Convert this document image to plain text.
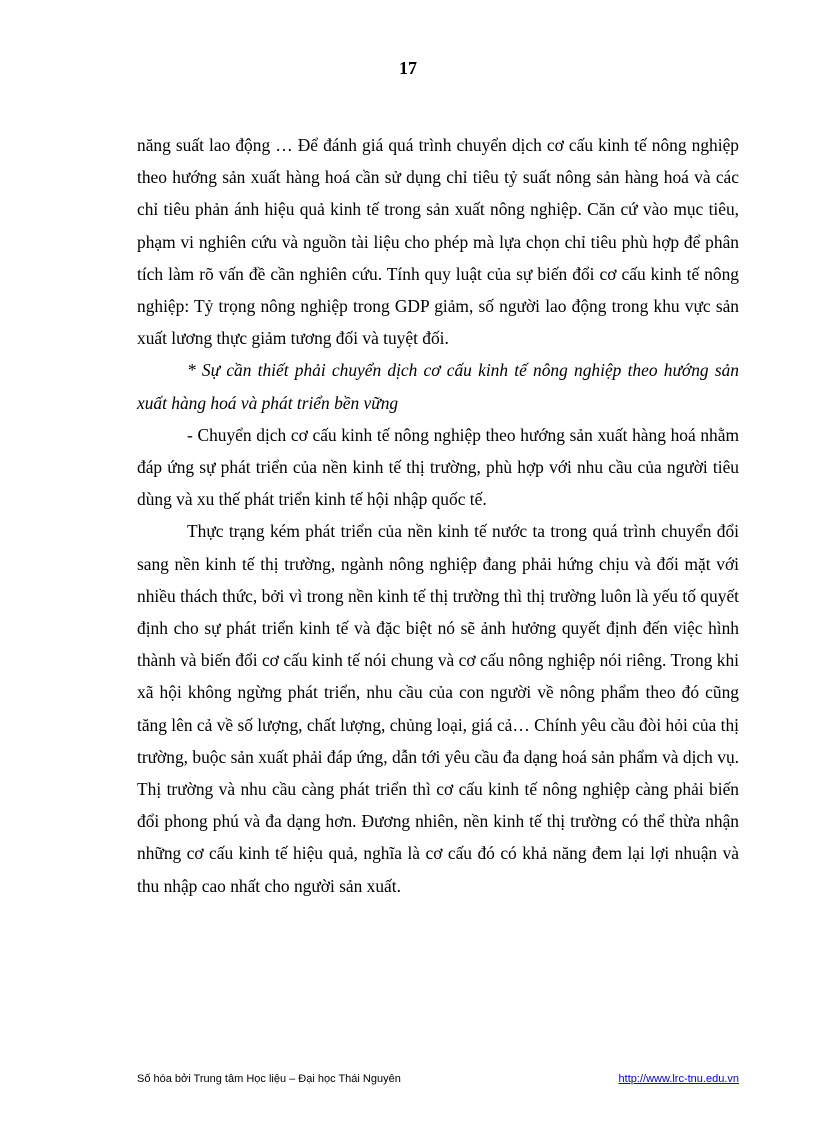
17

năng suất lao động … Để đánh giá quá trình chuyển dịch cơ cấu kinh tế nông nghiệp theo hướng sản xuất hàng hoá cần sử dụng chỉ tiêu tỷ suất nông sản hàng hoá và các chỉ tiêu phản ánh hiệu quả kinh tế trong sản xuất nông nghiệp. Căn cứ vào mục tiêu, phạm vi nghiên cứu và nguồn tài liệu cho phép mà lựa chọn chỉ tiêu phù hợp để phân tích làm rõ vấn đề cần nghiên cứu. Tính quy luật của sự biến đổi cơ cấu kinh tế nông nghiệp: Tỷ trọng nông nghiệp trong GDP giảm, số người lao động trong khu vực sản xuất lương thực giảm tương đối và tuyệt đối.

* Sự cần thiết phải chuyển dịch cơ cấu kinh tế nông nghiệp theo hướng sản xuất hàng hoá và phát triển bền vững

- Chuyển dịch cơ cấu kinh tế nông nghiệp theo hướng sản xuất hàng hoá nhằm đáp ứng sự phát triển của nền kinh tế thị trường, phù hợp với nhu cầu của người tiêu dùng và xu thế phát triển kinh tế hội nhập quốc tế.

Thực trạng kém phát triển của nền kinh tế nước ta trong quá trình chuyển đổi sang nền kinh tế thị trường, ngành nông nghiệp đang phải hứng chịu và đối mặt với nhiều thách thức, bởi vì trong nền kinh tế thị trường thì thị trường luôn là yếu tố quyết định cho sự phát triển kinh tế và đặc biệt nó sẽ ảnh hưởng quyết định đến việc hình thành và biến đổi cơ cấu kinh tế nói chung và cơ cấu nông nghiệp nói riêng. Trong khi xã hội không ngừng phát triển, nhu cầu của con người về nông phẩm theo đó cũng tăng lên cả về số lượng, chất lượng, chủng loại, giá cả… Chính yêu cầu đòi hỏi của thị trường, buộc sản xuất phải đáp ứng, dẫn tới yêu cầu đa dạng hoá sản phẩm và dịch vụ. Thị trường và nhu cầu càng phát triển thì cơ cấu kinh tế nông nghiệp càng phải biến đổi phong phú và đa dạng hơn. Đương nhiên, nền kinh tế thị trường có thể thừa nhận những cơ cấu kinh tế hiệu quả, nghĩa là cơ cấu đó có khả năng đem lại lợi nhuận và thu nhập cao nhất cho người sản xuất.

Số hóa bởi Trung tâm Học liệu – Đại học Thái Nguyên	http://www.lrc-tnu.edu.vn
